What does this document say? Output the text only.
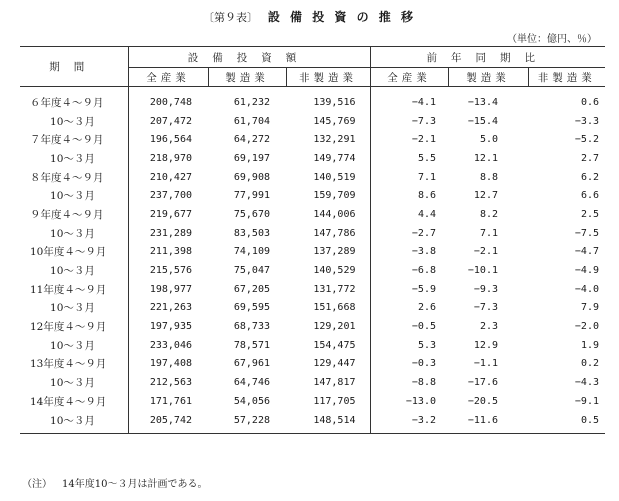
〔第９表〕 設 備 投 資 の 推 移
（単位：億円、％）
期間	設備投資額			前年同期比		
	全産業	製造業	非製造業	全産業	製造業	非製造業
６年度４～９月	200,748	61,232	139,516	−4.1	−13.4	0.6
10～３月	207,472	61,704	145,769	−7.3	−15.4	−3.3
７年度４～９月	196,564	64,272	132,291	−2.1	5.0	−5.2
10～３月	218,970	69,197	149,774	5.5	12.1	2.7
８年度４～９月	210,427	69,908	140,519	7.1	8.8	6.2
10～３月	237,700	77,991	159,709	8.6	12.7	6.6
９年度４～９月	219,677	75,670	144,006	4.4	8.2	2.5
10～３月	231,289	83,503	147,786	−2.7	7.1	−7.5
10年度４～９月	211,398	74,109	137,289	−3.8	−2.1	−4.7
10～３月	215,576	75,047	140,529	−6.8	−10.1	−4.9
11年度４～９月	198,977	67,205	131,772	−5.9	−9.3	−4.0
10～３月	221,263	69,595	151,668	2.6	−7.3	7.9
12年度４～９月	197,935	68,733	129,201	−0.5	2.3	−2.0
10～３月	233,046	78,571	154,475	5.3	12.9	1.9
13年度４～９月	197,408	67,961	129,447	−0.3	−1.1	0.2
10～３月	212,563	64,746	147,817	−8.8	−17.6	−4.3
14年度４～９月	171,761	54,056	117,705	−13.0	−20.5	−9.1
10～３月	205,742	57,228	148,514	−3.2	−11.6	0.5
（注） 14年度10～３月は計画である。
